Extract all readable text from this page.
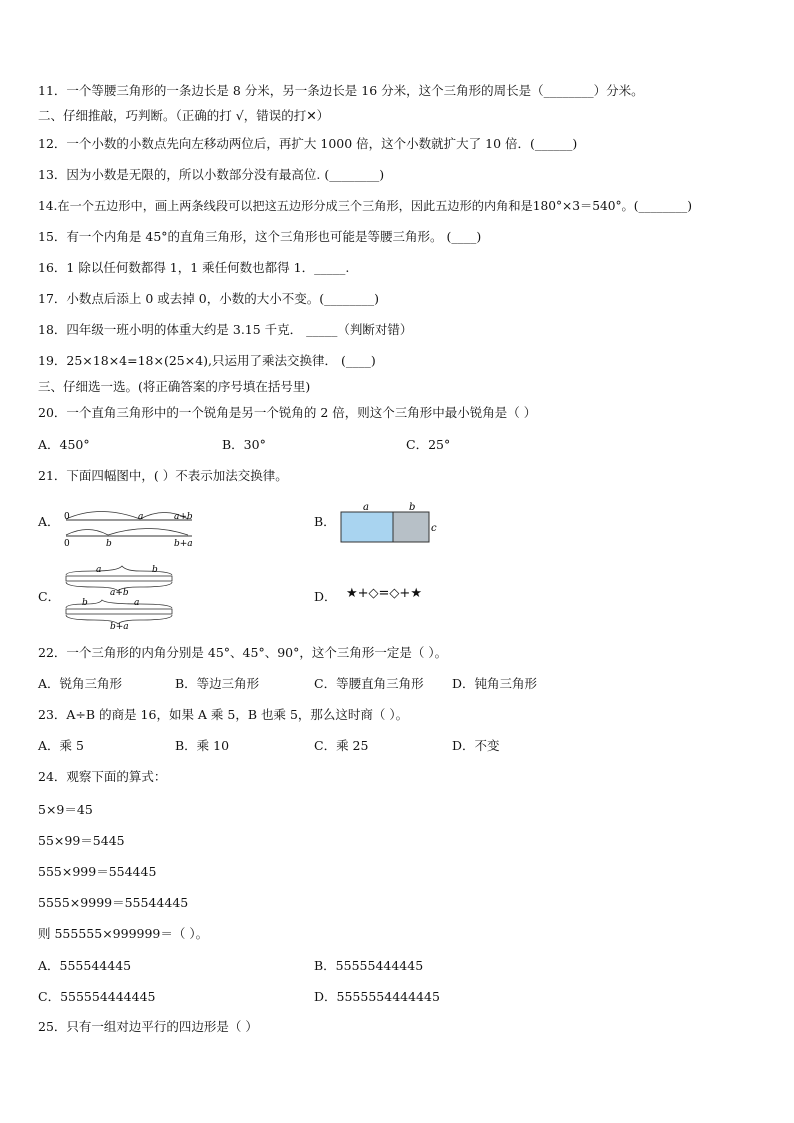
11．一个等腰三角形的一条边长是 8 分米，另一条边长是 16 分米，这个三角形的周长是（________）分米。
二、仔细推敲，巧判断。（正确的打 √，错误的打✕）
12．一个小数的小数点先向左移动两位后，再扩大 1000 倍，这个小数就扩大了 10 倍．(______)
13．因为小数是无限的，所以小数部分没有最高位. (________)
14.在一个五边形中，画上两条线段可以把这五边形分成三个三角形，因此五边形的内角和是180°×3＝540°。(________)
15．有一个内角是 45°的直角三角形，这个三角形也可能是等腰三角形。 (____)
16．1 除以任何数都得 1，1 乘任何数也都得 1．_____.
17．小数点后添上 0 或去掉 0，小数的大小不变。(________)
18．四年级一班小明的体重大约是 3.15 千克． _____（判断对错）
19．25×18×4=18×(25×4),只运用了乘法交换律． (____)
三、仔细选一选。(将正确答案的序号填在括号里)
20．一个直角三角形中的一个锐角是另一个锐角的 2 倍，则这个三角形中最小锐角是（ ）
A．450°	B．30°	C．25°
21．下面四幅图中，( ）不表示加法交换律。
A． 0	a	a+b
0	b	b+a
B．
a	b
c
C．
a	b
a+b
b	a
b+a
D． ★+◇=◇+★
22．一个三角形的内角分别是 45°、45°、90°，这个三角形一定是（ ）。
A．锐角三角形	B．等边三角形	C．等腰直角三角形 D．钝角三角形
23．A÷B 的商是 16，如果 A 乘 5，B 也乘 5，那么这时商（ ）。
A．乘 5	B．乘 10	C．乘 25	D．不变
24．观察下面的算式：
5×9＝45
55×99＝5445
555×999＝554445
5555×9999＝55544445
则 555555×999999＝（ ）。
A．555544445	B．55555444445
C．555554444445	D．5555554444445
25．只有一组对边平行的四边形是（ ）
